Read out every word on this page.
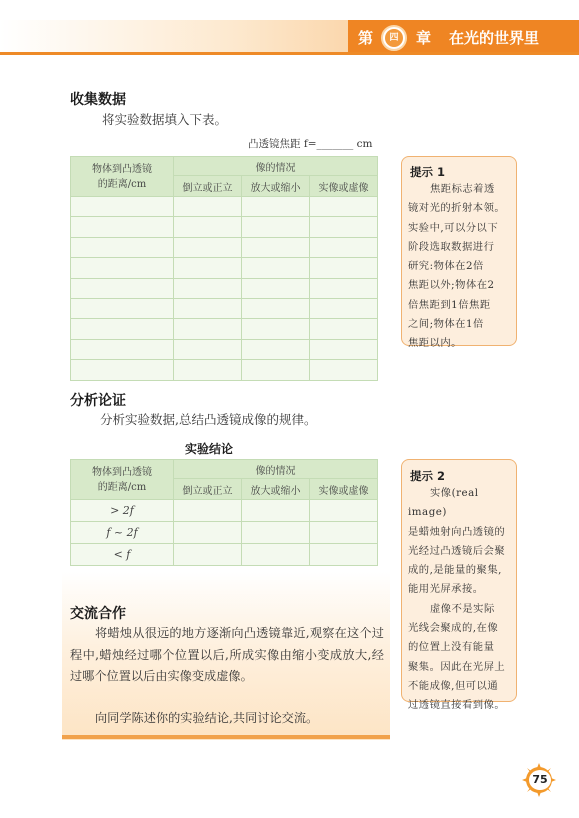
第	四	章 在光的世界里
收集数据
将实验数据填入下表。
凸透镜焦距 f=_______ cm
物体到凸透镜
的距离/cm	像的情况		
	倒立或正立	放大或缩小	实像或虚像

提示 1
焦距标志着透
镜对光的折射本领。
实验中,可以分以下
阶段选取数据进行
研究:物体在2倍
焦距以外;物体在2
倍焦距到1倍焦距
之间;物体在1倍
焦距以内。
分析论证
分析实验数据,总结凸透镜成像的规律。
实验结论
物体到凸透镜
的距离/cm	像的情况		
	倒立或正立	放大或缩小	实像或虚像
> 2f			
f ~ 2f			
< f			
提示 2
实像(real image)
是蜡烛射向凸透镜的
光经过凸透镜后会聚
成的,是能量的聚集,
能用光屏承接。
虚像不是实际
光线会聚成的,在像
的位置上没有能量
聚集。因此在光屏上
不能成像,但可以通
过透镜直接看到像。
交流合作
将蜡烛从很远的地方逐渐向凸透镜靠近,观察在这个过程中,蜡烛经过哪个位置以后,所成实像由缩小变成放大,经过哪个位置以后由实像变成虚像。
向同学陈述你的实验结论,共同讨论交流。
75
